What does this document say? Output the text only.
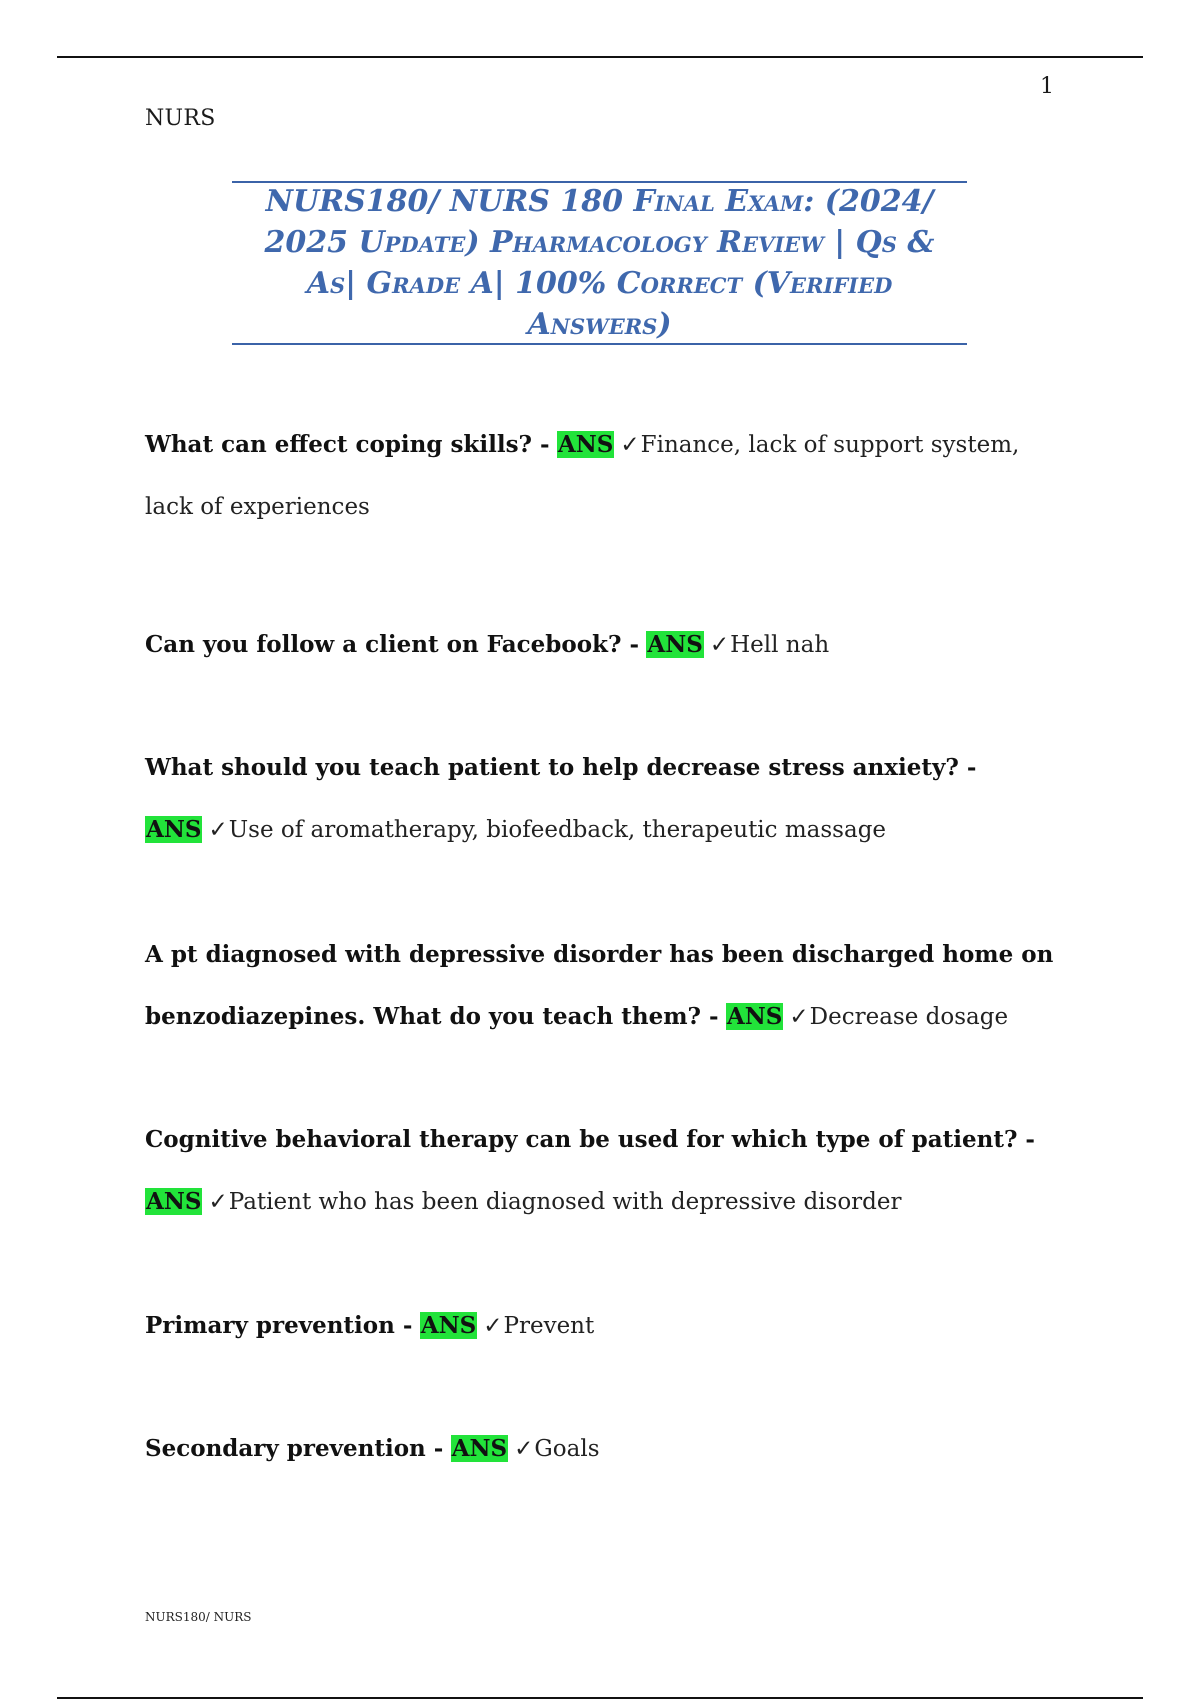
1
NURS
NURS180/ NURS 180 Final Exam: (2024/ 2025 Update) Pharmacology Review | Qs & As| Grade A| 100% Correct (Verified Answers)
What can effect coping skills? - ANS ✓Finance, lack of support system, lack of experiences
Can you follow a client on Facebook? - ANS ✓Hell nah
What should you teach patient to help decrease stress anxiety? - ANS ✓Use of aromatherapy, biofeedback, therapeutic massage
A pt diagnosed with depressive disorder has been discharged home on benzodiazepines. What do you teach them? - ANS ✓Decrease dosage
Cognitive behavioral therapy can be used for which type of patient? - ANS ✓Patient who has been diagnosed with depressive disorder
Primary prevention - ANS ✓Prevent
Secondary prevention - ANS ✓Goals
NURS180/ NURS
